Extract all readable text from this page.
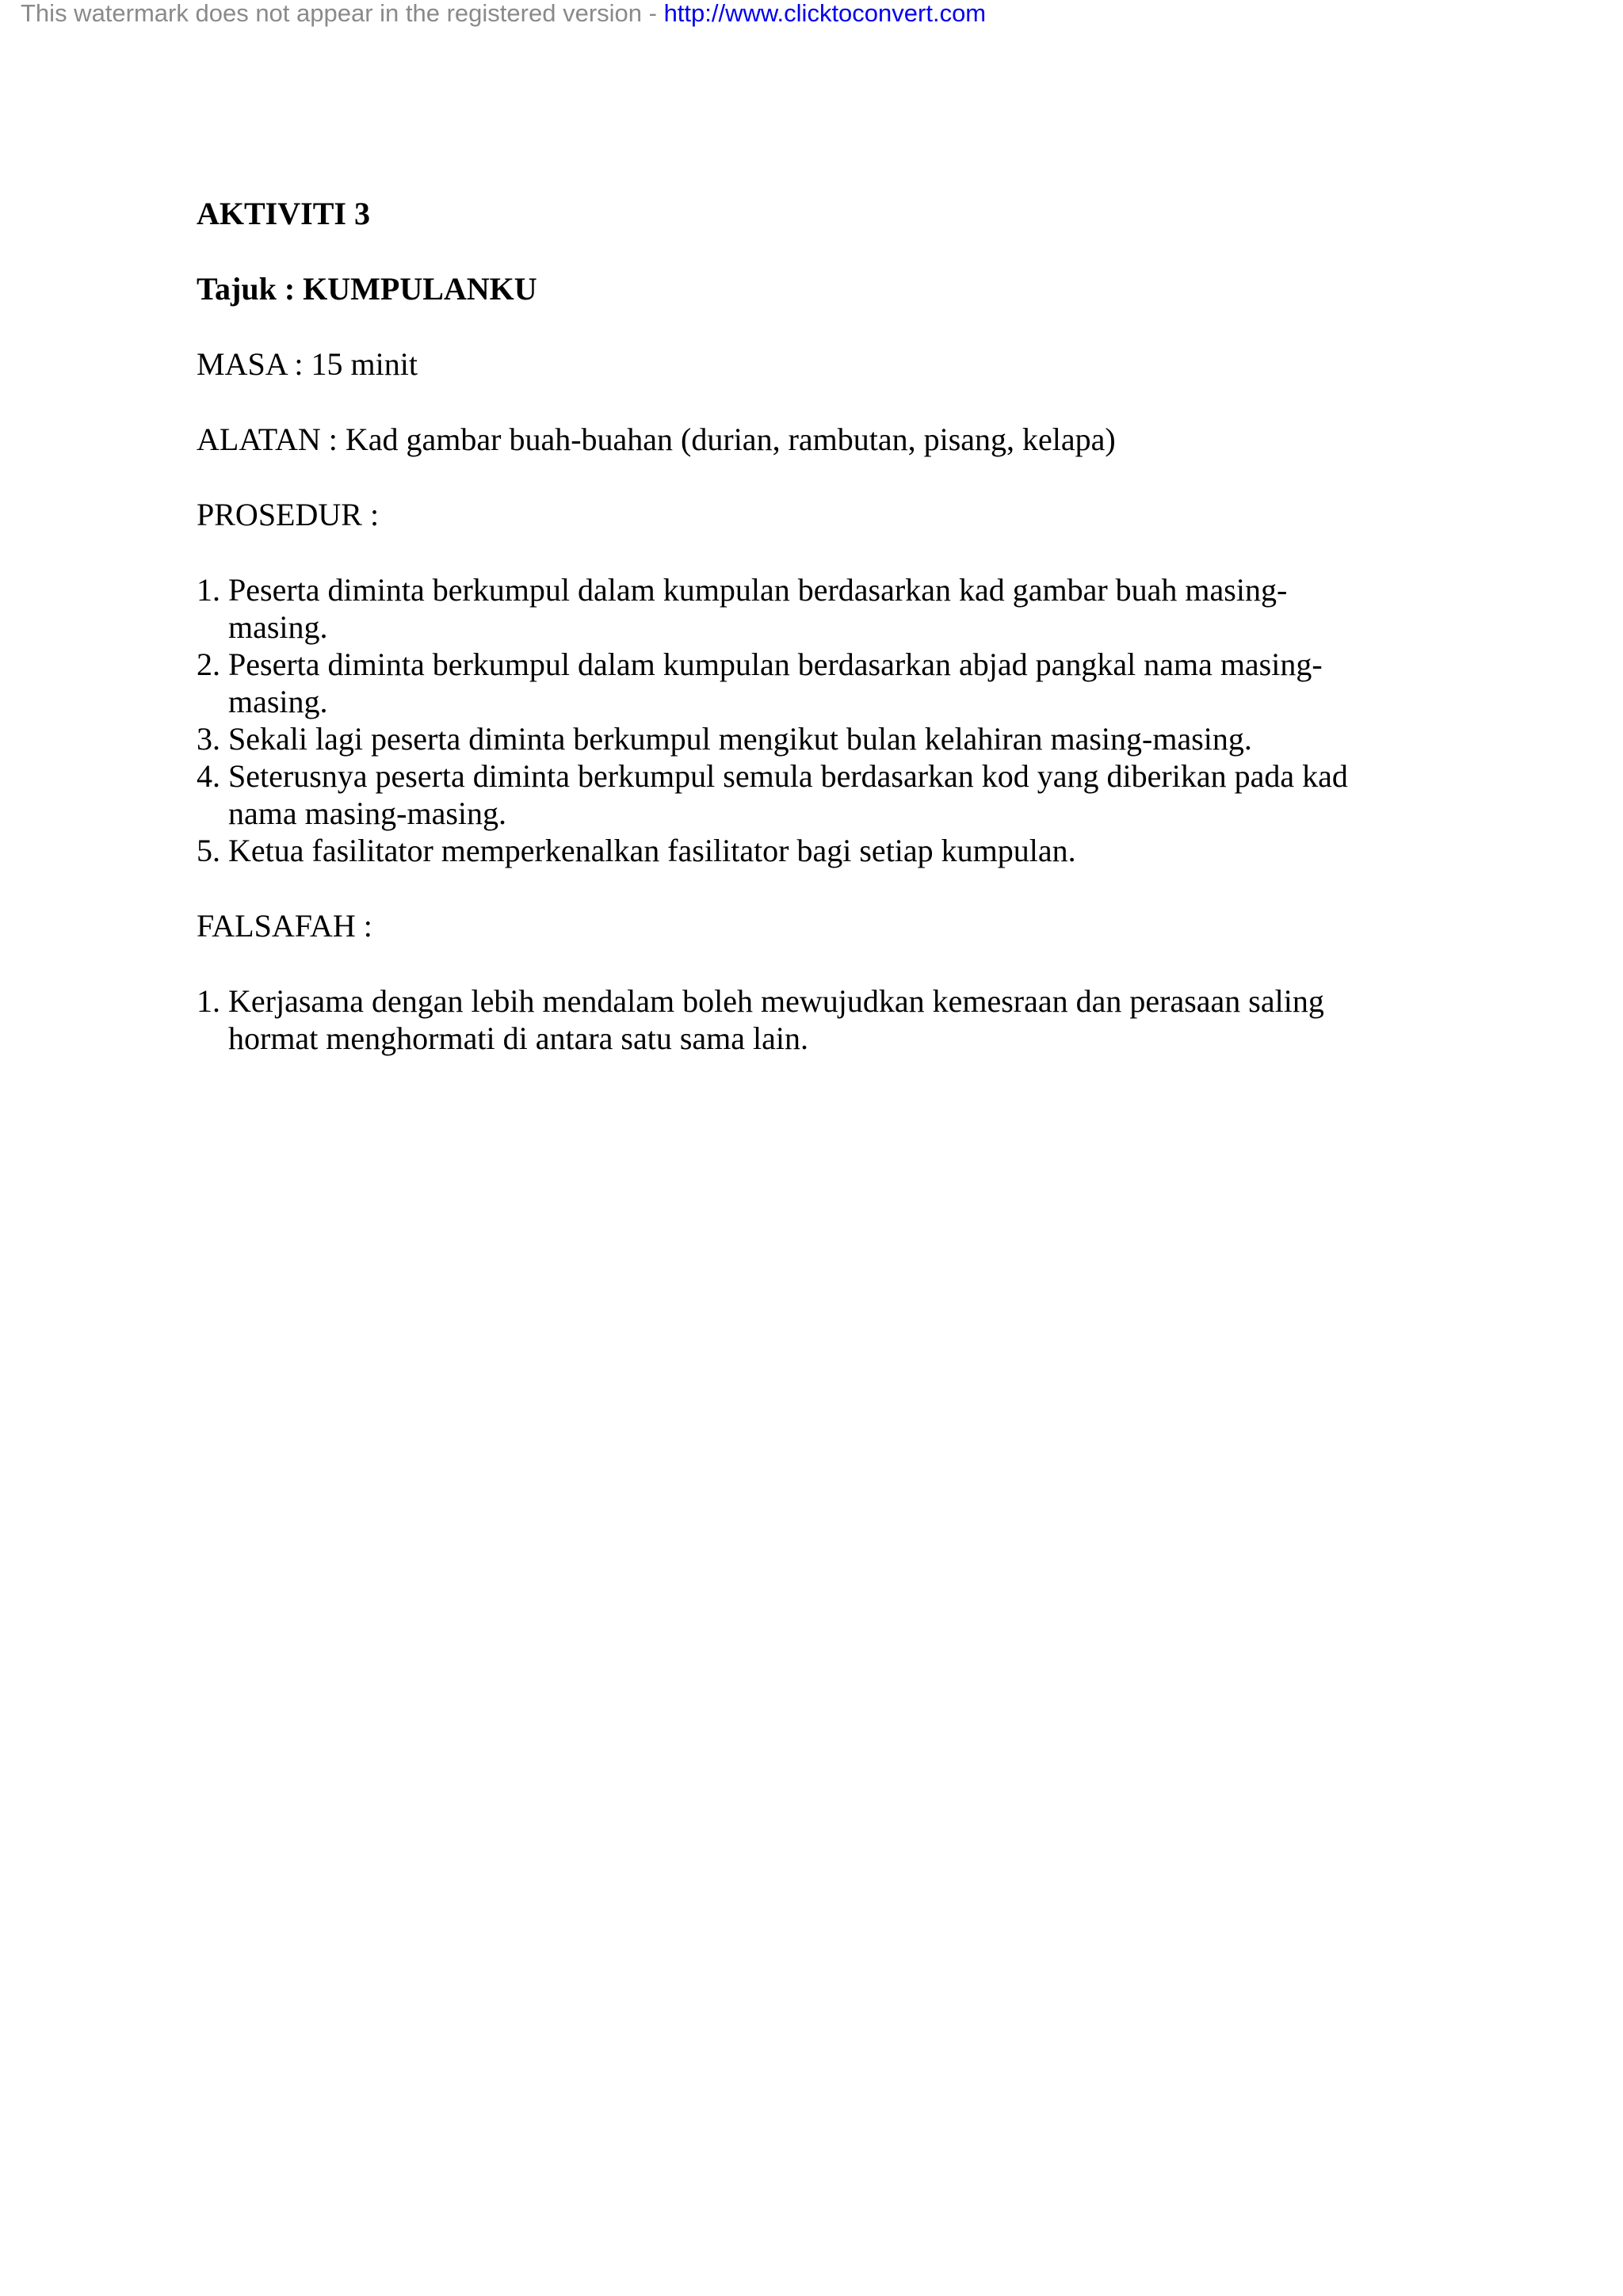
This watermark does not appear in the registered version - http://www.clicktoconvert.com

AKTIVITI 3

Tajuk : KUMPULANKU

MASA : 15 minit

ALATAN : Kad gambar buah-buahan (durian, rambutan, pisang, kelapa)

PROSEDUR :

1. Peserta diminta berkumpul dalam kumpulan berdasarkan kad gambar buah masing-masing.
2. Peserta diminta berkumpul dalam kumpulan berdasarkan abjad pangkal nama masing-masing.
3. Sekali lagi peserta diminta berkumpul mengikut bulan kelahiran masing-masing.
4. Seterusnya peserta diminta berkumpul semula berdasarkan kod yang diberikan pada kad nama masing-masing.
5. Ketua fasilitator memperkenalkan fasilitator bagi setiap kumpulan.

FALSAFAH :

1. Kerjasama dengan lebih mendalam boleh mewujudkan kemesraan dan perasaan saling hormat menghormati di antara satu sama lain.
